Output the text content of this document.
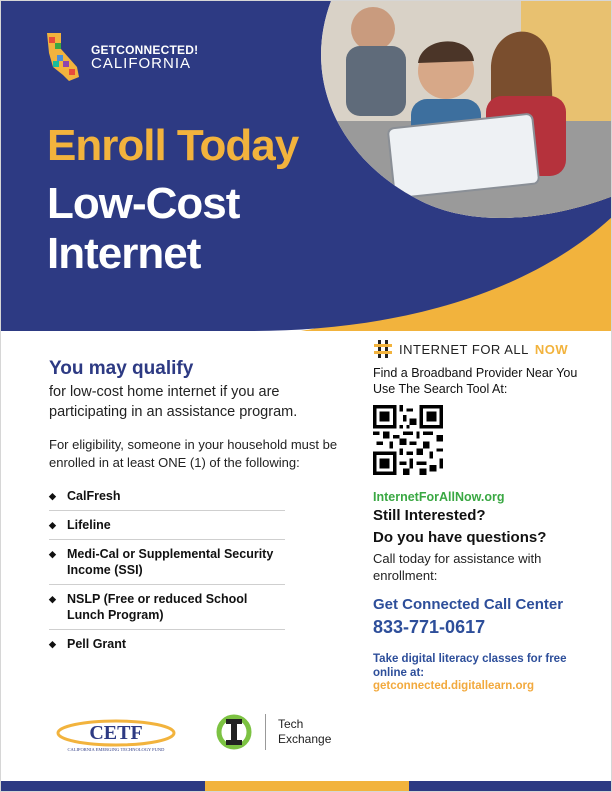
GETCONNECTED!
CALIFORNIA
Enroll Today
Low-Cost
Internet

You may qualify

for low-cost home internet if you are participating in an assistance program.

For eligibility, someone in your household must be enrolled in at least ONE (1) of the following:

◆ CalFresh
◆ Lifeline
◆ Medi-Cal or Supplemental Security Income (SSI)
◆ NSLP (Free or reduced School Lunch Program)
◆ Pell Grant
INTERNET FOR ALL NOW

Find a Broadband Provider Near You Use The Search Tool At:

InternetForAllNow.org
Still Interested?
Do you have questions?
Call today for assistance with enrollment:
Get Connected Call Center
833-771-0617
Take digital literacy classes for free online at:
getconnected.digitallearn.org
CETF
CALIFORNIA EMERGING TECHNOLOGY FUND
Tech
Exchange
